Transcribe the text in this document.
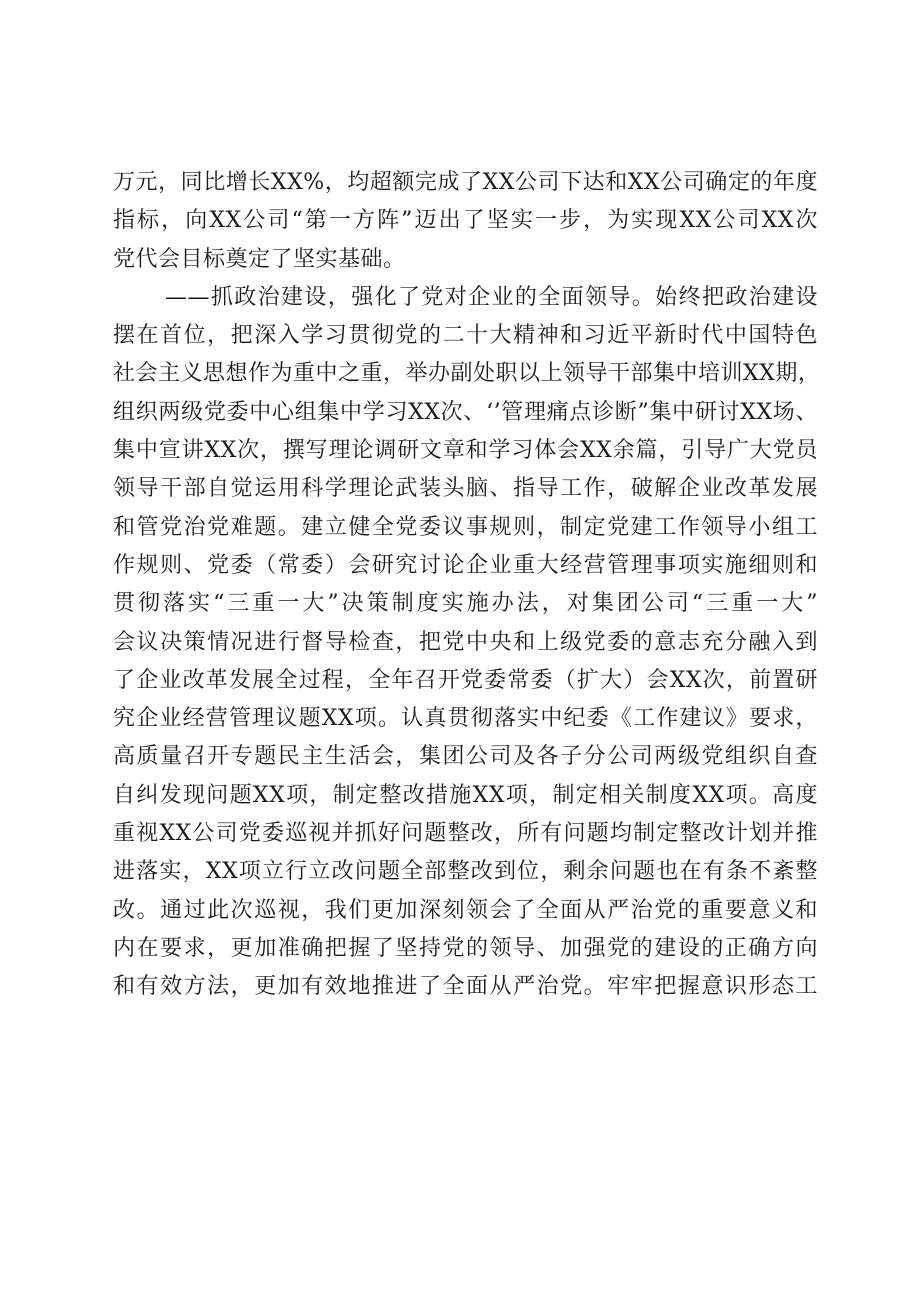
万元，同比增长XX%，均超额完成了XX公司下达和XX公司确定的年度
指标，向XX公司“第一方阵”迈出了坚实一步，为实现XX公司XX次
党代会目标奠定了坚实基础。
——抓政治建设，强化了党对企业的全面领导。始终把政治建设
摆在首位，把深入学习贯彻党的二十大精神和习近平新时代中国特色
社会主义思想作为重中之重，举办副处职以上领导干部集中培训XX期，
组织两级党委中心组集中学习XX次、‘’管理痛点诊断”集中研讨XX场、
集中宣讲XX次，撰写理论调研文章和学习体会XX余篇，引导广大党员
领导干部自觉运用科学理论武装头脑、指导工作，破解企业改革发展
和管党治党难题。建立健全党委议事规则，制定党建工作领导小组工
作规则、党委（常委）会研究讨论企业重大经营管理事项实施细则和
贯彻落实“三重一大”决策制度实施办法，对集团公司“三重一大”
会议决策情况进行督导检查，把党中央和上级党委的意志充分融入到
了企业改革发展全过程，全年召开党委常委（扩大）会XX次，前置研
究企业经营管理议题XX项。认真贯彻落实中纪委《工作建议》要求，
高质量召开专题民主生活会，集团公司及各子分公司两级党组织自查
自纠发现问题XX项，制定整改措施XX项，制定相关制度XX项。高度
重视XX公司党委巡视并抓好问题整改，所有问题均制定整改计划并推
进落实，XX项立行立改问题全部整改到位，剩余问题也在有条不紊整
改。通过此次巡视，我们更加深刻领会了全面从严治党的重要意义和
内在要求，更加准确把握了坚持党的领导、加强党的建设的正确方向
和有效方法，更加有效地推进了全面从严治党。牢牢把握意识形态工
